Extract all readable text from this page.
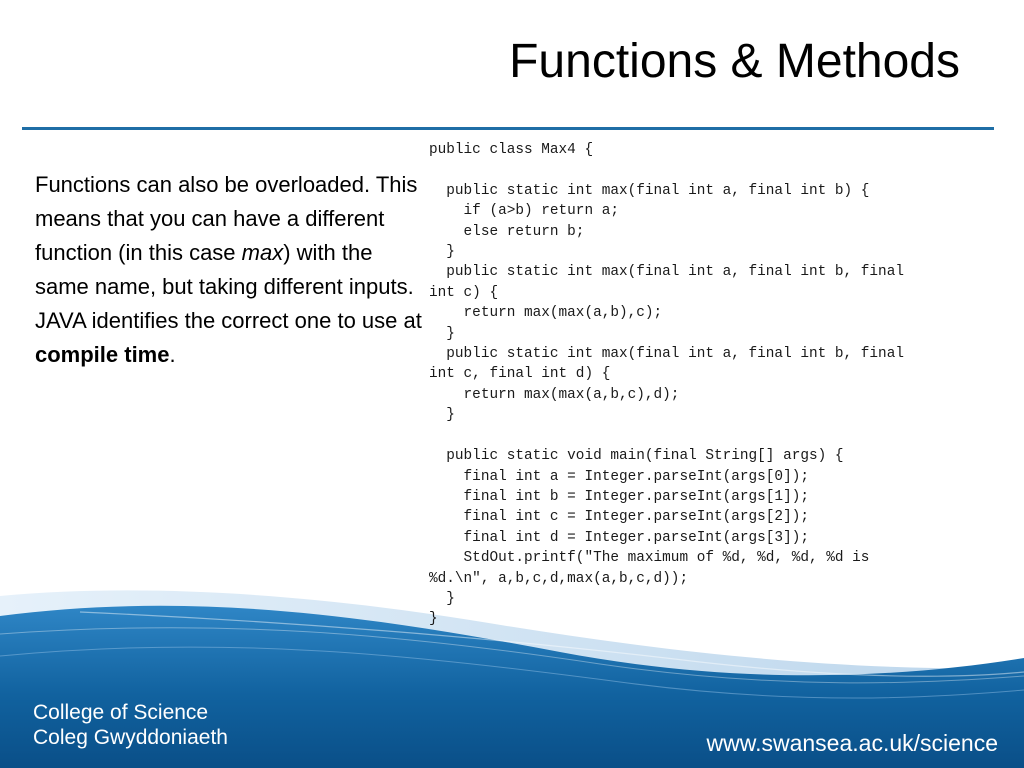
Functions & Methods
Functions can also be overloaded. This means that you can have a different function (in this case max) with the same name, but taking different inputs. JAVA identifies the correct one to use at compile time.
public class Max4 {

public static int max(final int a, final int b) {
if (a>b) return a;
else return b;
}
public static int max(final int a, final int b, final
int c) {
return max(max(a,b),c);
}
public static int max(final int a, final int b, final
int c, final int d) {
return max(max(a,b,c),d);
}

public static void main(final String[] args) {
final int a = Integer.parseInt(args[0]);
final int b = Integer.parseInt(args[1]);
final int c = Integer.parseInt(args[2]);
final int d = Integer.parseInt(args[3]);
StdOut.printf("The maximum of %d, %d, %d, %d is
%d.\n", a,b,c,d,max(a,b,c,d));
}
}
College of Science
Coleg Gwyddoniaeth	www.swansea.ac.uk/science
